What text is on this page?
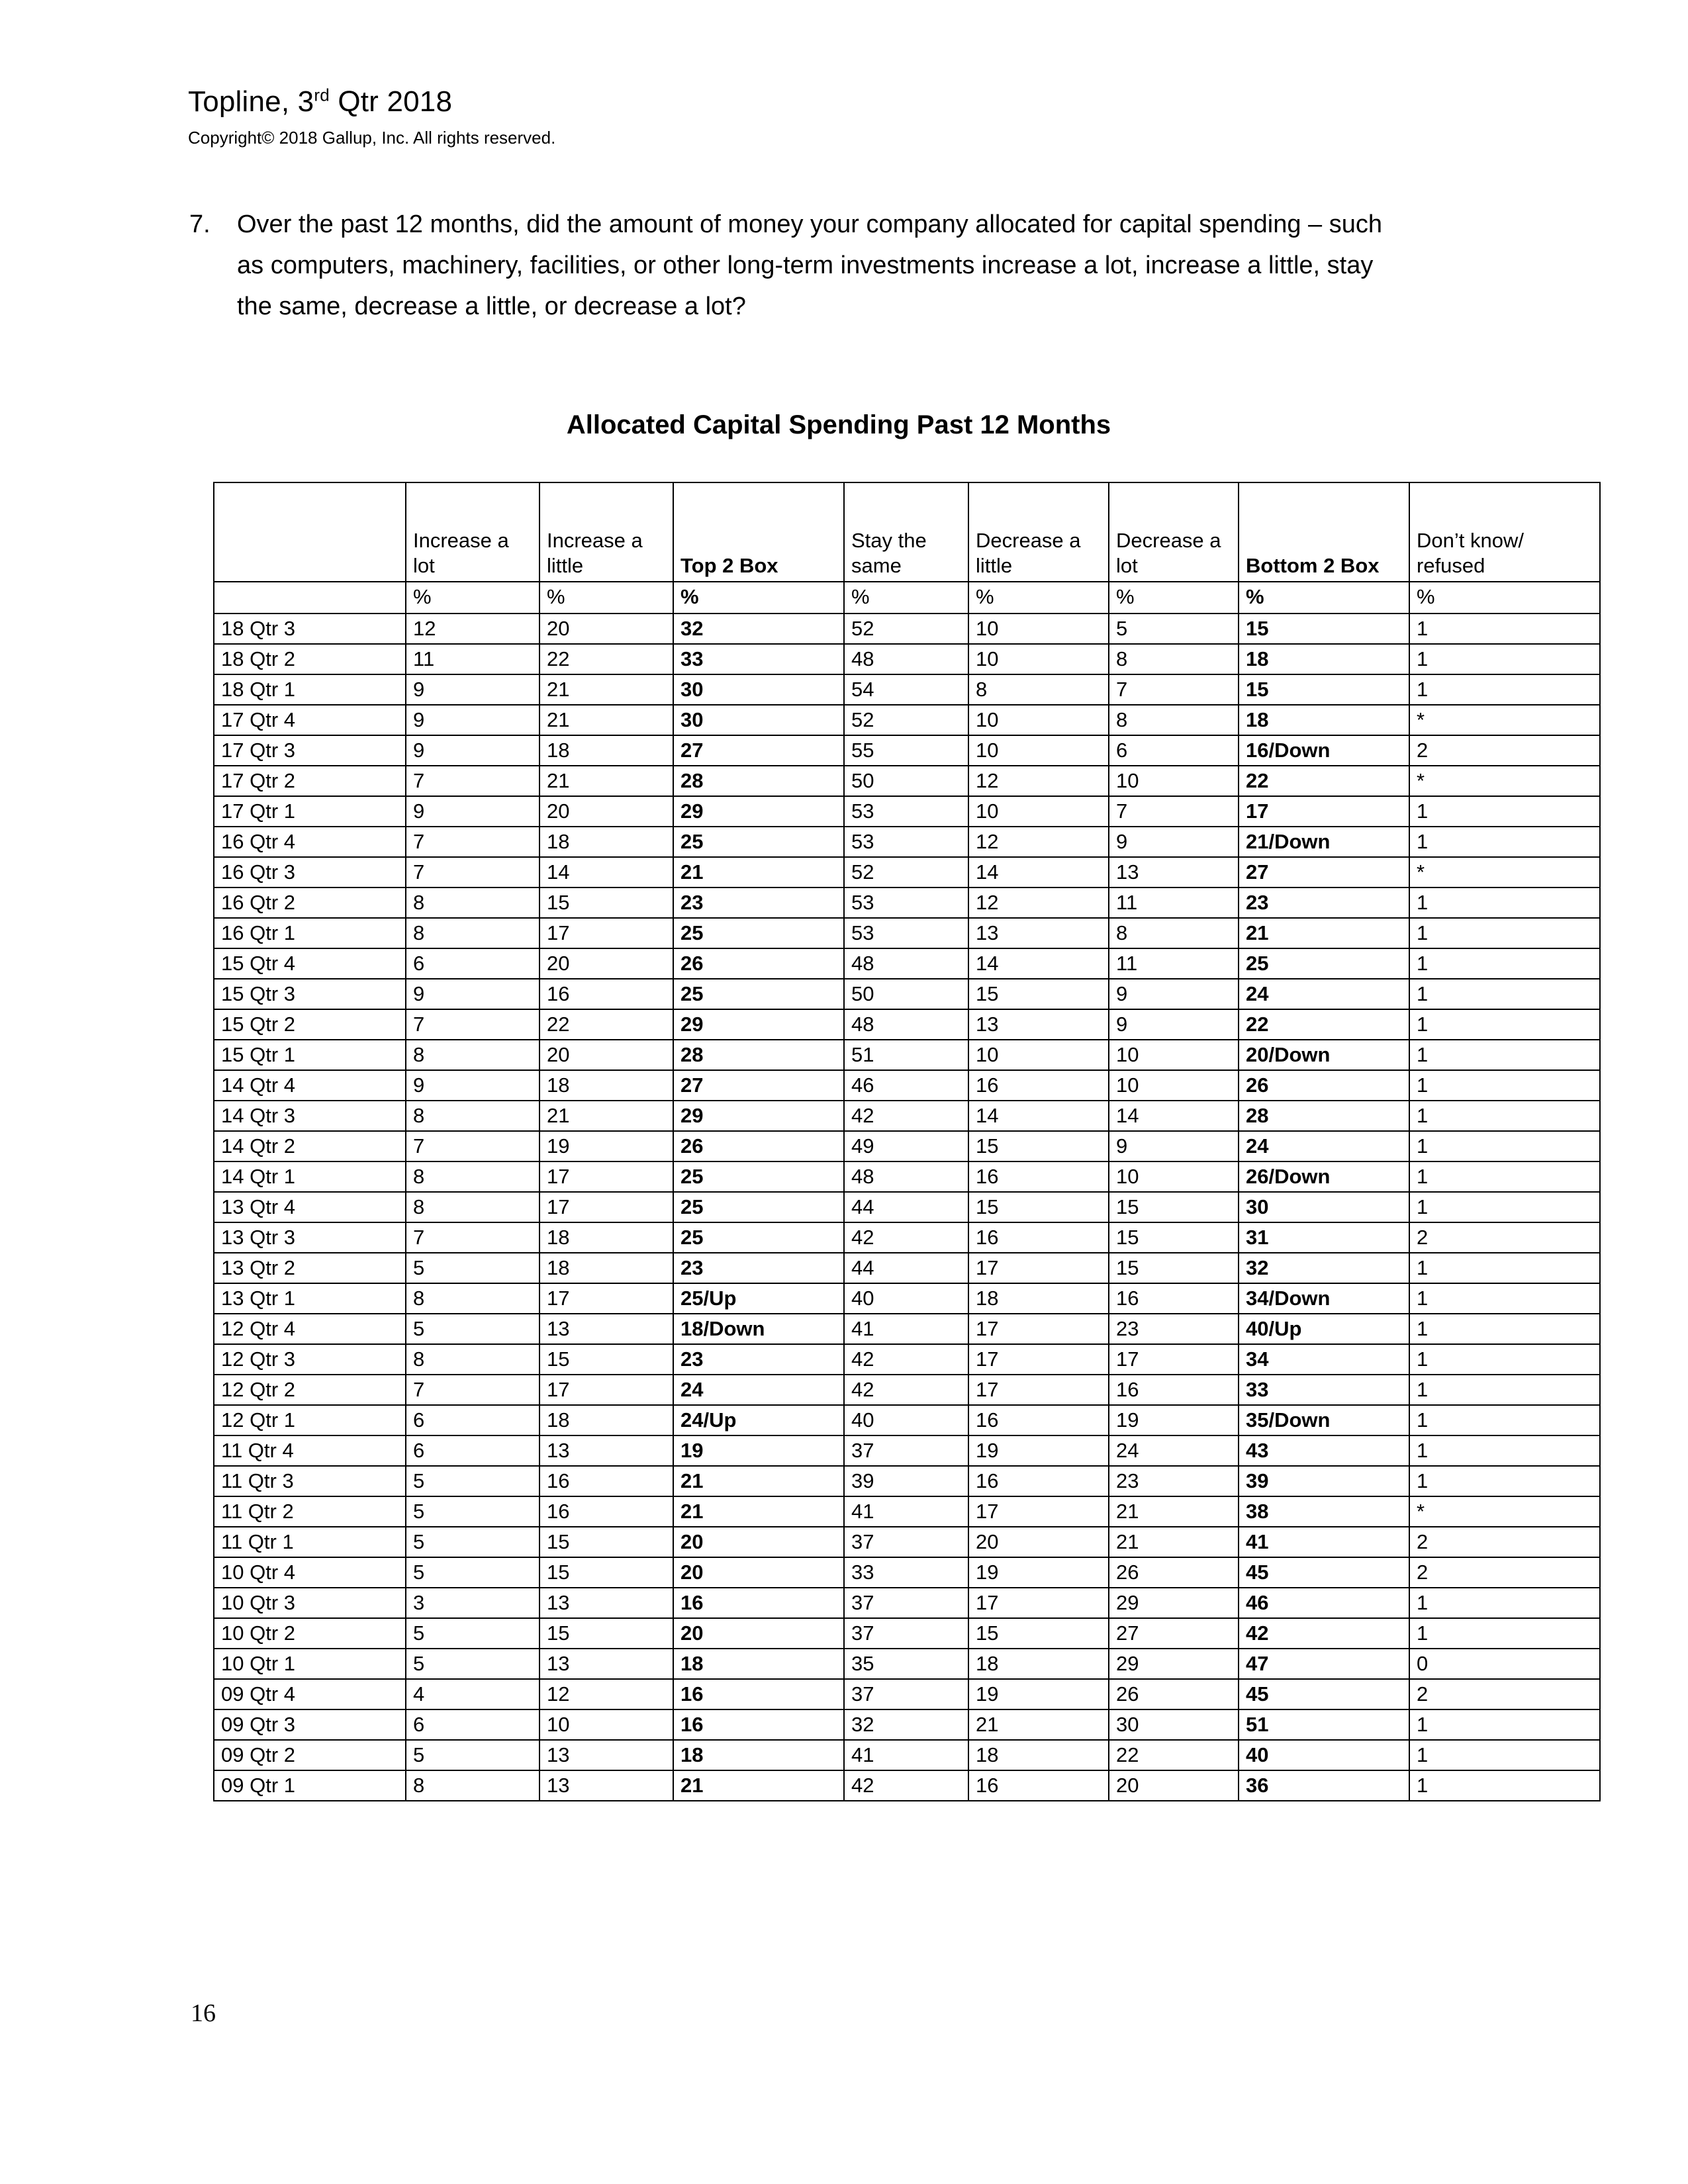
Topline, 3rd Qtr 2018
Copyright© 2018 Gallup, Inc. All rights reserved.
7.	Over the past 12 months, did the amount of money your company allocated for capital spending – such as computers, machinery, facilities, or other long-term investments increase a lot, increase a little, stay the same, decrease a little, or decrease a lot?
Allocated Capital Spending Past 12 Months
	Increase a lot	Increase a little	Top 2 Box	Stay the same	Decrease a little	Decrease a lot	Bottom 2 Box	Don’t know/ refused
	%	%	%	%	%	%	%	%
18 Qtr 3	12	20	32	52	10	5	15	1
18 Qtr 2	11	22	33	48	10	8	18	1
18 Qtr 1	9	21	30	54	8	7	15	1
17 Qtr 4	9	21	30	52	10	8	18	*
17 Qtr 3	9	18	27	55	10	6	16/Down	2
17 Qtr 2	7	21	28	50	12	10	22	*
17 Qtr 1	9	20	29	53	10	7	17	1
16 Qtr 4	7	18	25	53	12	9	21/Down	1
16 Qtr 3	7	14	21	52	14	13	27	*
16 Qtr 2	8	15	23	53	12	11	23	1
16 Qtr 1	8	17	25	53	13	8	21	1
15 Qtr 4	6	20	26	48	14	11	25	1
15 Qtr 3	9	16	25	50	15	9	24	1
15 Qtr 2	7	22	29	48	13	9	22	1
15 Qtr 1	8	20	28	51	10	10	20/Down	1
14 Qtr 4	9	18	27	46	16	10	26	1
14 Qtr 3	8	21	29	42	14	14	28	1
14 Qtr 2	7	19	26	49	15	9	24	1
14 Qtr 1	8	17	25	48	16	10	26/Down	1
13 Qtr 4	8	17	25	44	15	15	30	1
13 Qtr 3	7	18	25	42	16	15	31	2
13 Qtr 2	5	18	23	44	17	15	32	1
13 Qtr 1	8	17	25/Up	40	18	16	34/Down	1
12 Qtr 4	5	13	18/Down	41	17	23	40/Up	1
12 Qtr 3	8	15	23	42	17	17	34	1
12 Qtr 2	7	17	24	42	17	16	33	1
12 Qtr 1	6	18	24/Up	40	16	19	35/Down	1
11 Qtr 4	6	13	19	37	19	24	43	1
11 Qtr 3	5	16	21	39	16	23	39	1
11 Qtr 2	5	16	21	41	17	21	38	*
11 Qtr 1	5	15	20	37	20	21	41	2
10 Qtr 4	5	15	20	33	19	26	45	2
10 Qtr 3	3	13	16	37	17	29	46	1
10 Qtr 2	5	15	20	37	15	27	42	1
10 Qtr 1	5	13	18	35	18	29	47	0
09 Qtr 4	4	12	16	37	19	26	45	2
09 Qtr 3	6	10	16	32	21	30	51	1
09 Qtr 2	5	13	18	41	18	22	40	1
09 Qtr 1	8	13	21	42	16	20	36	1
16
